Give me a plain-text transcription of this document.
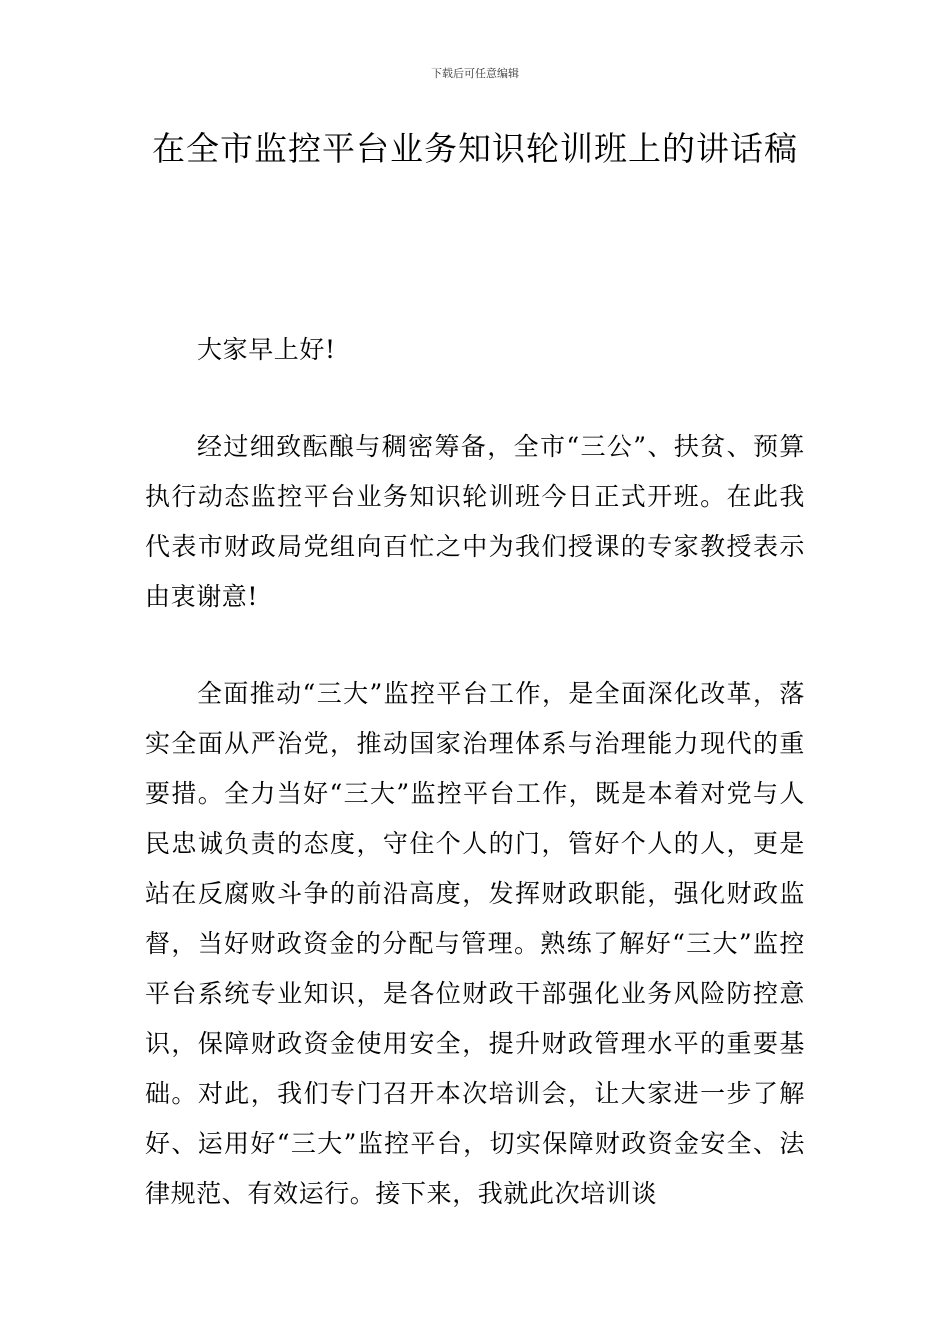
下载后可任意编辑
在全市监控平台业务知识轮训班上的讲话稿

大家早上好!

经过细致酝酿与稠密筹备，全市“三公”、扶贫、预算执行动态监控平台业务知识轮训班今日正式开班。在此我代表市财政局党组向百忙之中为我们授课的专家教授表示由衷谢意!

全面推动“三大”监控平台工作，是全面深化改革，落实全面从严治党，推动国家治理体系与治理能力现代的重要措。全力当好“三大”监控平台工作，既是本着对党与人民忠诚负责的态度，守住个人的门，管好个人的人，更是站在反腐败斗争的前沿高度，发挥财政职能，强化财政监督，当好财政资金的分配与管理。熟练了解好“三大”监控平台系统专业知识，是各位财政干部强化业务风险防控意识，保障财政资金使用安全，提升财政管理水平的重要基础。对此，我们专门召开本次培训会，让大家进一步了解好、运用好“三大”监控平台，切实保障财政资金安全、法律规范、有效运行。接下来，我就此次培训谈
